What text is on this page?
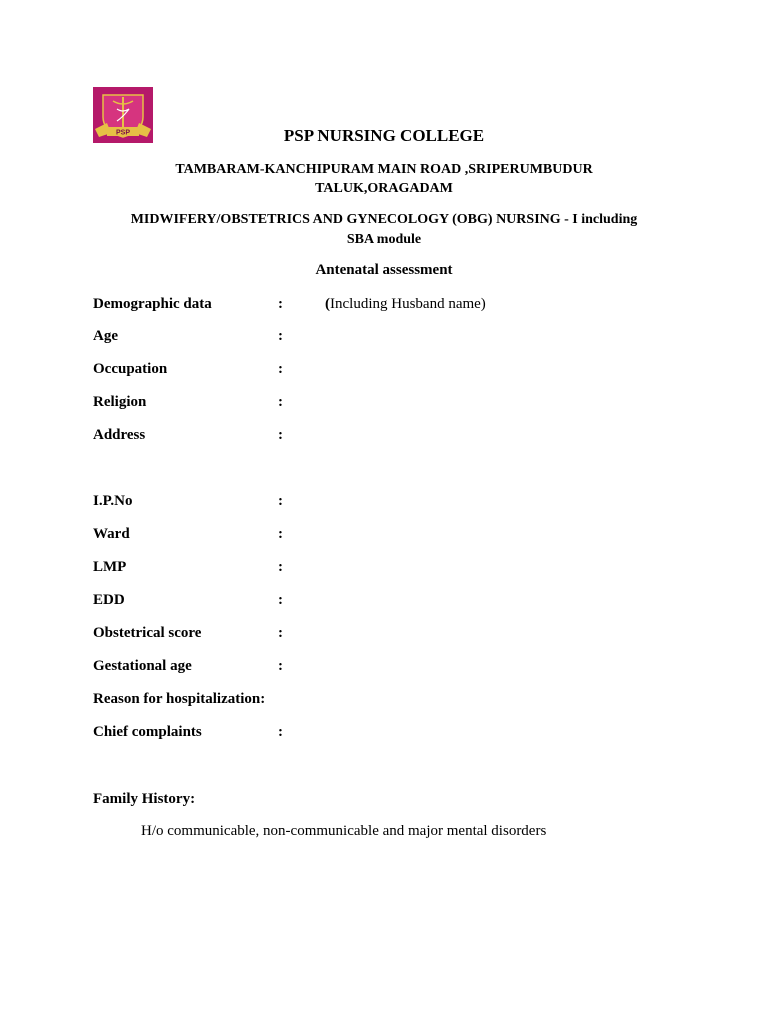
PSP	PSP NURSING COLLEGE
TAMBARAM-KANCHIPURAM MAIN ROAD ,SRIPERUMBUDUR
TALUK,ORAGADAM
MIDWIFERY/OBSTETRICS AND GYNECOLOGY (OBG) NURSING - I including
SBA module
Antenatal assessment
Demographic data	:	(Including Husband name)
Age	:
Occupation	:
Religion	:
Address	:
I.P.No	:
Ward	:
LMP	:
EDD	:
Obstetrical score	:
Gestational age	:
Reason for hospitalization:
Chief complaints	:
Family History:
H/o communicable, non-communicable and major mental disorders
